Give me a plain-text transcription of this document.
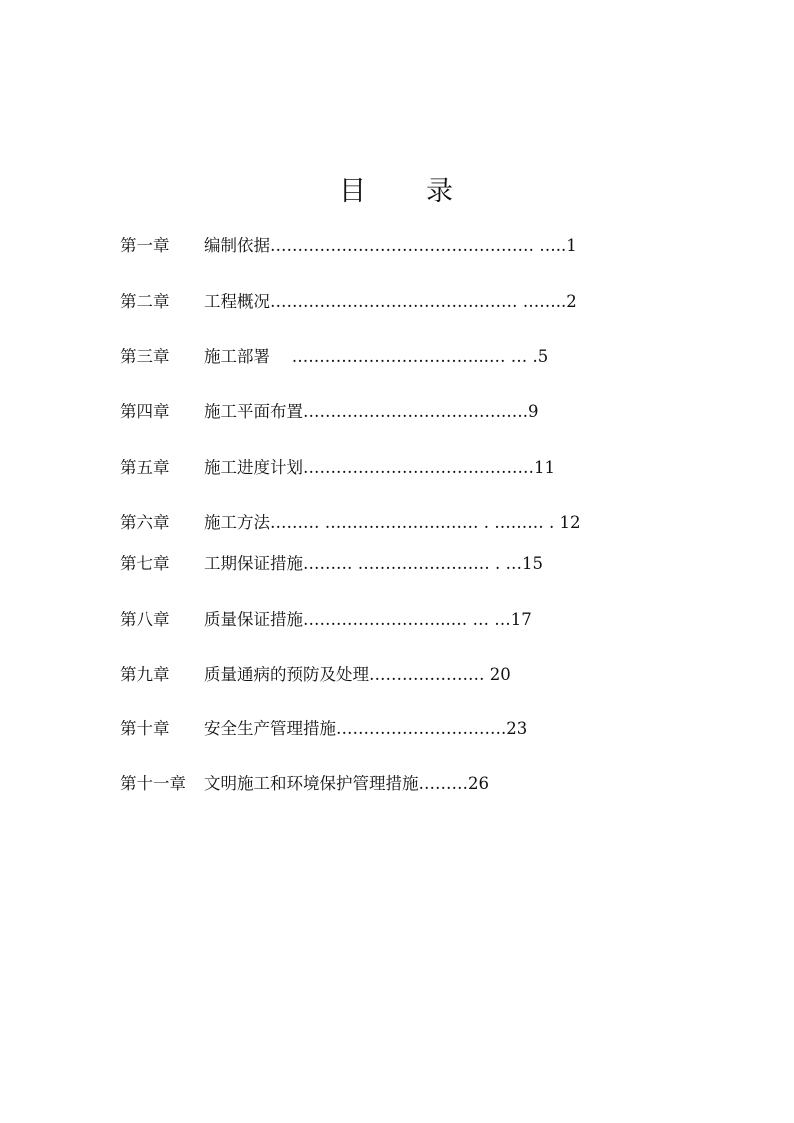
目　　录
第一章 编制依据………………………………………… …..1
第二章 工程概况……………………………………… ……..2
第三章 施工部署　 ……………………………...… … .5
第四章 施工平面布置……………………………….….9
第五章 施工进度计划……………………………………11
第六章 施工方法……… ………………….…… . ……… . 12
第七章 工期保证措施……… …………………… . …15
第八章 质量保证措施……………………...… … …17
第九章 质量通病的预防及处理………………… 20
第十章 安全生产管理措施………………………….23
第十一章 文明施工和环境保护管理措施………26
